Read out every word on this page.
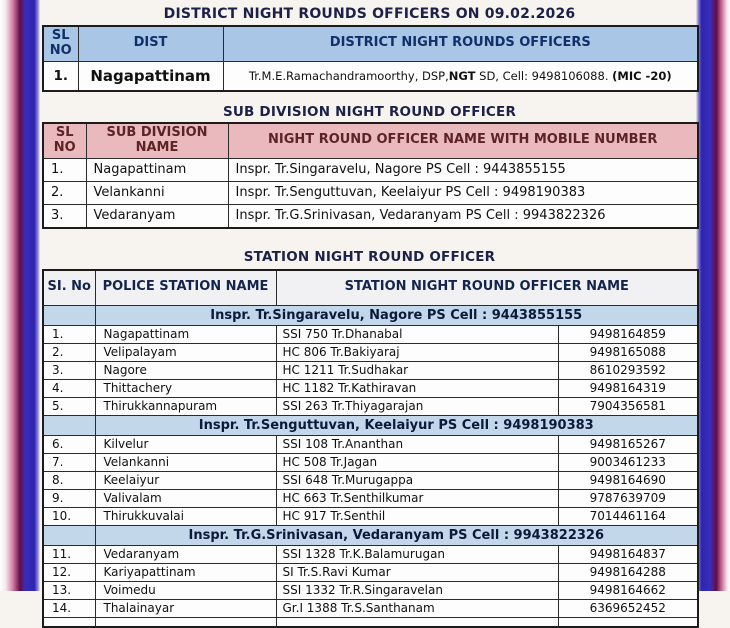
DISTRICT NIGHT ROUNDS OFFICERS ON 09.02.2026
SL NO	DIST	DISTRICT NIGHT ROUNDS OFFICERS
1.	Nagapattinam	Tr.M.E.Ramachandramoorthy, DSP,NGT SD, Cell: 9498106088. (MIC -20)
SUB DIVISION NIGHT ROUND OFFICER
SL NO	SUB DIVISION NAME	NIGHT ROUND OFFICER NAME WITH MOBILE NUMBER
1.	Nagapattinam	Inspr. Tr.Singaravelu, Nagore PS Cell : 9443855155
2.	Velankanni	Inspr. Tr.Senguttuvan, Keelaiyur PS Cell : 9498190383
3.	Vedaranyam	Inspr. Tr.G.Srinivasan, Vedaranyam PS Cell : 9943822326
STATION NIGHT ROUND OFFICER
SI. No	POLICE STATION NAME	STATION NIGHT ROUND OFFICER NAME	
	Inspr. Tr.Singaravelu, Nagore PS Cell : 9443855155		
1.	Nagapattinam	SSI 750 Tr.Dhanabal	9498164859
2.	Velipalayam	HC 806 Tr.Bakiyaraj	9498165088
3.	Nagore	HC 1211 Tr.Sudhakar	8610293592
4.	Thittachery	HC 1182 Tr.Kathiravan	9498164319
5.	Thirukkannapuram	SSI 263 Tr.Thiyagarajan	7904356581
	Inspr. Tr.Senguttuvan, Keelaiyur PS Cell : 9498190383		
6.	Kilvelur	SSI 108 Tr.Ananthan	9498165267
7.	Velankanni	HC 508 Tr.Jagan	9003461233
8.	Keelaiyur	SSI 648 Tr.Murugappa	9498164690
9.	Valivalam	HC 663 Tr.Senthilkumar	9787639709
10.	Thirukkuvalai	HC 917 Tr.Senthil	7014461164
	Inspr. Tr.G.Srinivasan, Vedaranyam PS Cell : 9943822326		
11.	Vedaranyam	SSI 1328 Tr.K.Balamurugan	9498164837
12.	Kariyapattinam	SI Tr.S.Ravi Kumar	9498164288
13.	Voimedu	SSI 1332 Tr.R.Singaravelan	9498164662
14.	Thalainayar	Gr.I 1388 Tr.S.Santhanam	6369652452
